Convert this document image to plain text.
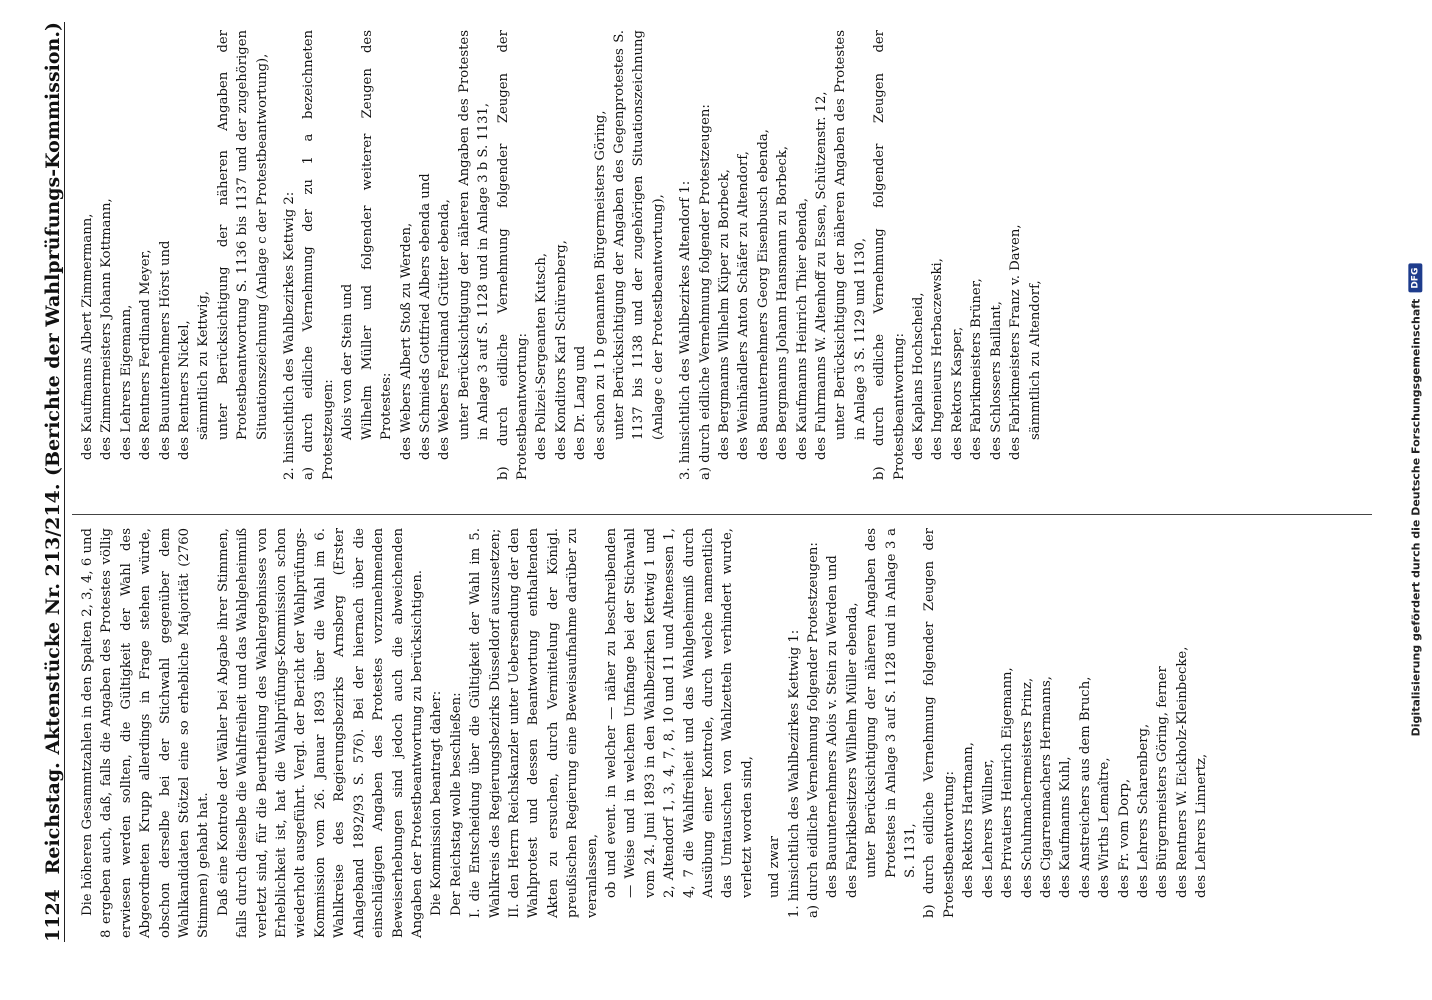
1124
Reichstag.
Aktenstücke Nr. 213/214.
(Berichte der Wahlprüfungs-Kommission.)

Die höheren Gesammtzahlen in den Spalten 2, 3, 4, 6 und 8 ergeben auch, daß, falls die Angaben des Protestes völlig erwiesen werden sollten, die Gültigkeit der Wahl des Abgeordneten Krupp allerdings in Frage stehen würde, obschon derselbe bei der Stichwahl gegenüber dem Wahlkandidaten Stötzel eine so erhebliche Majorität (2760 Stimmen) gehabt hat. Daß eine Kontrole der Wähler bei Abgabe ihrer Stimmen, falls durch dieselbe die Wahlfreiheit und das Wahlgeheimniß verletzt sind, für die Beurtheilung des Wahlergebnisses von Erheblichkeit ist, hat die Wahlprüfungs-Kommission schon wiederholt ausgeführt. Vergl. der Bericht der Wahlprüfungs-Kommission vom 26. Januar 1893 über die Wahl im 6. Wahlkreise des Regierungsbezirks Arnsberg (Erster Anlageband 1892/93 S. 576). Bei der hiernach über die einschlägigen Angaben des Protestes vorzunehmenden Beweiserhebungen sind jedoch auch die abweichenden Angaben der Protestbeantwortung zu berücksichtigen. Die Kommission beantragt daher: Der Reichstag wolle beschließen: I. die Entscheidung über die Gültigkeit der Wahl im 5. Wahlkreis des Regierungsbezirks Düsseldorf auszusetzen; II. den Herrn Reichskanzler unter Uebersendung der den Wahlprotest und dessen Beantwortung enthaltenden Akten zu ersuchen, durch Vermittelung der Königl. preußischen Regierung eine Beweisaufnahme darüber zu veranlassen, ob und event. in welcher — näher zu beschreibenden — Weise und in welchem Umfange bei der Stichwahl vom 24. Juni 1893 in den Wahlbezirken Kettwig 1 und 2, Altendorf 1, 3, 4, 7, 8, 10 und 11 und Altenessen 1, 4, 7 die Wahlfreiheit und das Wahlgeheimniß durch Ausübung einer Kontrole, durch welche namentlich das Umtauschen von Wahlzetteln verhindert wurde, verletzt worden sind, und zwar 1. hinsichtlich des Wahlbezirkes Kettwig 1: a) durch eidliche Vernehmung folgender Protestzeugen: des Bauunternehmers Alois v. Stein zu Werden und des Fabrikbesitzers Wilhelm Müller ebenda, unter Berücksichtigung der näheren Angaben des Protestes in Anlage 3 auf S. 1128 und in Anlage 3 a S. 1131, b) durch eidliche Vernehmung folgender Zeugen der Protestbeantwortung: des Rektors Hartmann, des Lehrers Wüllner, des Privatiers Heinrich Eigemann, des Schuhmachermeisters Prinz, des Cigarrenmachers Hermanns, des Kaufmanns Kuhl, des Anstreichers aus dem Bruch, des Wirths Lemaître, des Fr. vom Dorp, des Lehrers Scharenberg, des Bürgermeisters Göring, ferner des Rentners W. Eickholz-Kleinbecke, des Lehrers Linnertz,
des Kaufmanns Albert Zimmermann, des Zimmermeisters Johann Kottmann, des Lehrers Eigemann, des Rentners Ferdinand Meyer, des Bauunternehmers Hörst und des Rentners Nickel, sämmtlich zu Kettwig, unter Berücksichtigung der näheren Angaben der Protestbeantwortung S. 1136 bis 1137 und der zugehörigen Situationszeichnung (Anlage c der Protestbeantwortung), 2. hinsichtlich des Wahlbezirkes Kettwig 2: a) durch eidliche Vernehmung der zu 1 a bezeichneten Protestzeugen: Alois von der Stein und Wilhelm Müller und folgender weiterer Zeugen des Protestes: des Webers Albert Stoß zu Werden, des Schmieds Gottfried Albers ebenda und des Webers Ferdinand Grütter ebenda, unter Berücksichtigung der näheren Angaben des Protestes in Anlage 3 auf S. 1128 und in Anlage 3 b S. 1131, b) durch eidliche Vernehmung folgender Zeugen der Protestbeantwortung: des Polizei-Sergeanten Kutsch, des Konditors Karl Schürenberg, des Dr. Lang und des schon zu 1 b genannten Bürgermeisters Göring, unter Berücksichtigung der Angaben des Gegenprotestes S. 1137 bis 1138 und der zugehörigen Situationszeichnung (Anlage c der Protestbeantwortung), 3. hinsichtlich des Wahlbezirkes Altendorf 1: a) durch eidliche Vernehmung folgender Protestzeugen: des Bergmanns Wilhelm Küper zu Borbeck, des Weinhändlers Anton Schäfer zu Altendorf, des Bauunternehmers Georg Eisenbusch ebenda, des Bergmanns Johann Hansmann zu Borbeck, des Kaufmanns Heinrich Thier ebenda, des Fuhrmanns W. Altenhoff zu Essen, Schützenstr. 12, unter Berücksichtigung der näheren Angaben des Protestes in Anlage 3 S. 1129 und 1130, b) durch eidliche Vernehmung folgender Zeugen der Protestbeantwortung: des Kaplans Hochscheid, des Ingenieurs Herbaczewski, des Rektors Kasper, des Fabrikmeisters Brüner, des Schlossers Baillant, des Fabrikmeisters Franz v. Daven, sämmtlich zu Altendorf,	Digitalisierung gefördert durch die Deutsche Forschungsgemeinschaft
DFG
